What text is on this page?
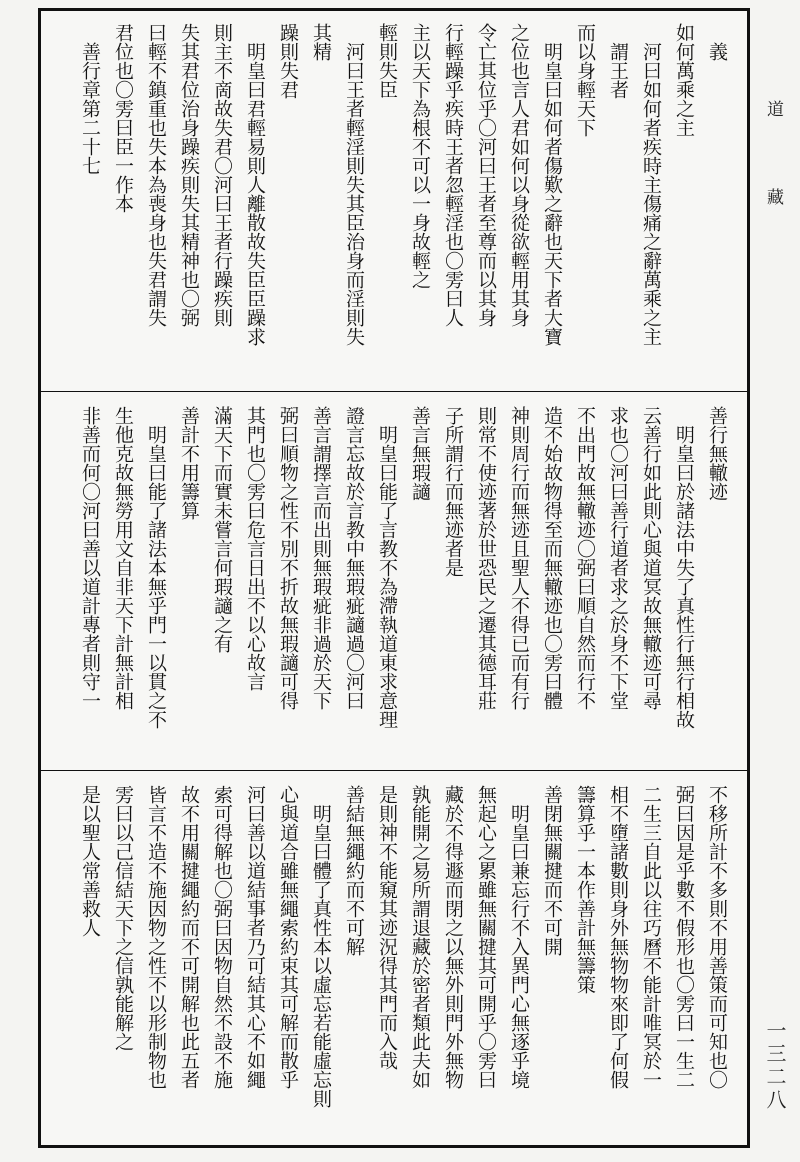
道
藏
一三二八
義
如何萬乘之主
河曰如何者疾時主傷痛之辭萬乘之主
謂王者
而以身輕天下
明皇曰如何者傷歎之辭也天下者大寶
之位也言人君如何以身從欲輕用其身
令亡其位乎〇河曰王者至尊而以其身
行輕躁乎疾時王者忽輕淫也〇雱曰人
主以天下為根不可以一身故輕之
輕則失臣
河曰王者輕淫則失其臣治身而淫則失
其精
躁則失君
明皇曰君輕易則人離散故失臣臣躁求
則主不啇故失君〇河曰王者行躁疾則
失其君位治身躁疾則失其精神也〇弼
曰輕不鎮重也失本為喪身也失君謂失
君位也〇雱曰臣一作本
善行章第二十七
善行無轍迹
明皇曰於諸法中失了真性行無行相故
云善行如此則心與道冥故無轍迹可尋
求也〇河曰善行道者求之於身不下堂
不出門故無轍迹〇弼曰順自然而行不
造不始故物得至而無轍迹也〇雱曰體
神則周行而無迹且聖人不得已而有行
則常不使迹著於世恐民之遷其德耳莊
子所謂行而無迹者是
善言無瑕讁
明皇曰能了言教不為滯執道東求意理
證言忘故於言教中無瑕疵讁過〇河曰
善言謂擇言而出則無瑕疵非過於天下
弼曰順物之性不別不折故無瑕讁可得
其門也〇雱曰危言日出不以心故言
滿天下而實未嘗言何瑕讁之有
善計不用籌算
明皇曰能了諸法本無乎門一以貫之不
生他克故無勞用文自非天下計無計相
非善而何〇河曰善以道計專者則守一
不移所計不多則不用善策而可知也〇
弼曰因是乎數不假形也〇雱曰一生二
二生三自此以往巧曆不能計唯冥於一
相不墮諸數則身外無物物來即了何假
籌算乎一本作善計無籌策
善閉無關揵而不可開
明皇曰兼忘行不入異門心無逐乎境
無起心之累雖無關揵其可開乎〇雱曰
藏於不得遯而閉之以無外則門外無物
孰能開之易所謂退藏於密者類此夫如
是則神不能窺其迹況得其門而入哉
善結無繩約而不可解
明皇曰體了真性本以虛忘若能虛忘則
心與道合雖無繩索約束其可解而散乎
河曰善以道結事者乃可結其心不如繩
索可得解也〇弼曰因物自然不設不施
故不用關揵繩約而不可開解也此五者
皆言不造不施因物之性不以形制物也
雱曰以己信結天下之信孰能解之
是以聖人常善救人
